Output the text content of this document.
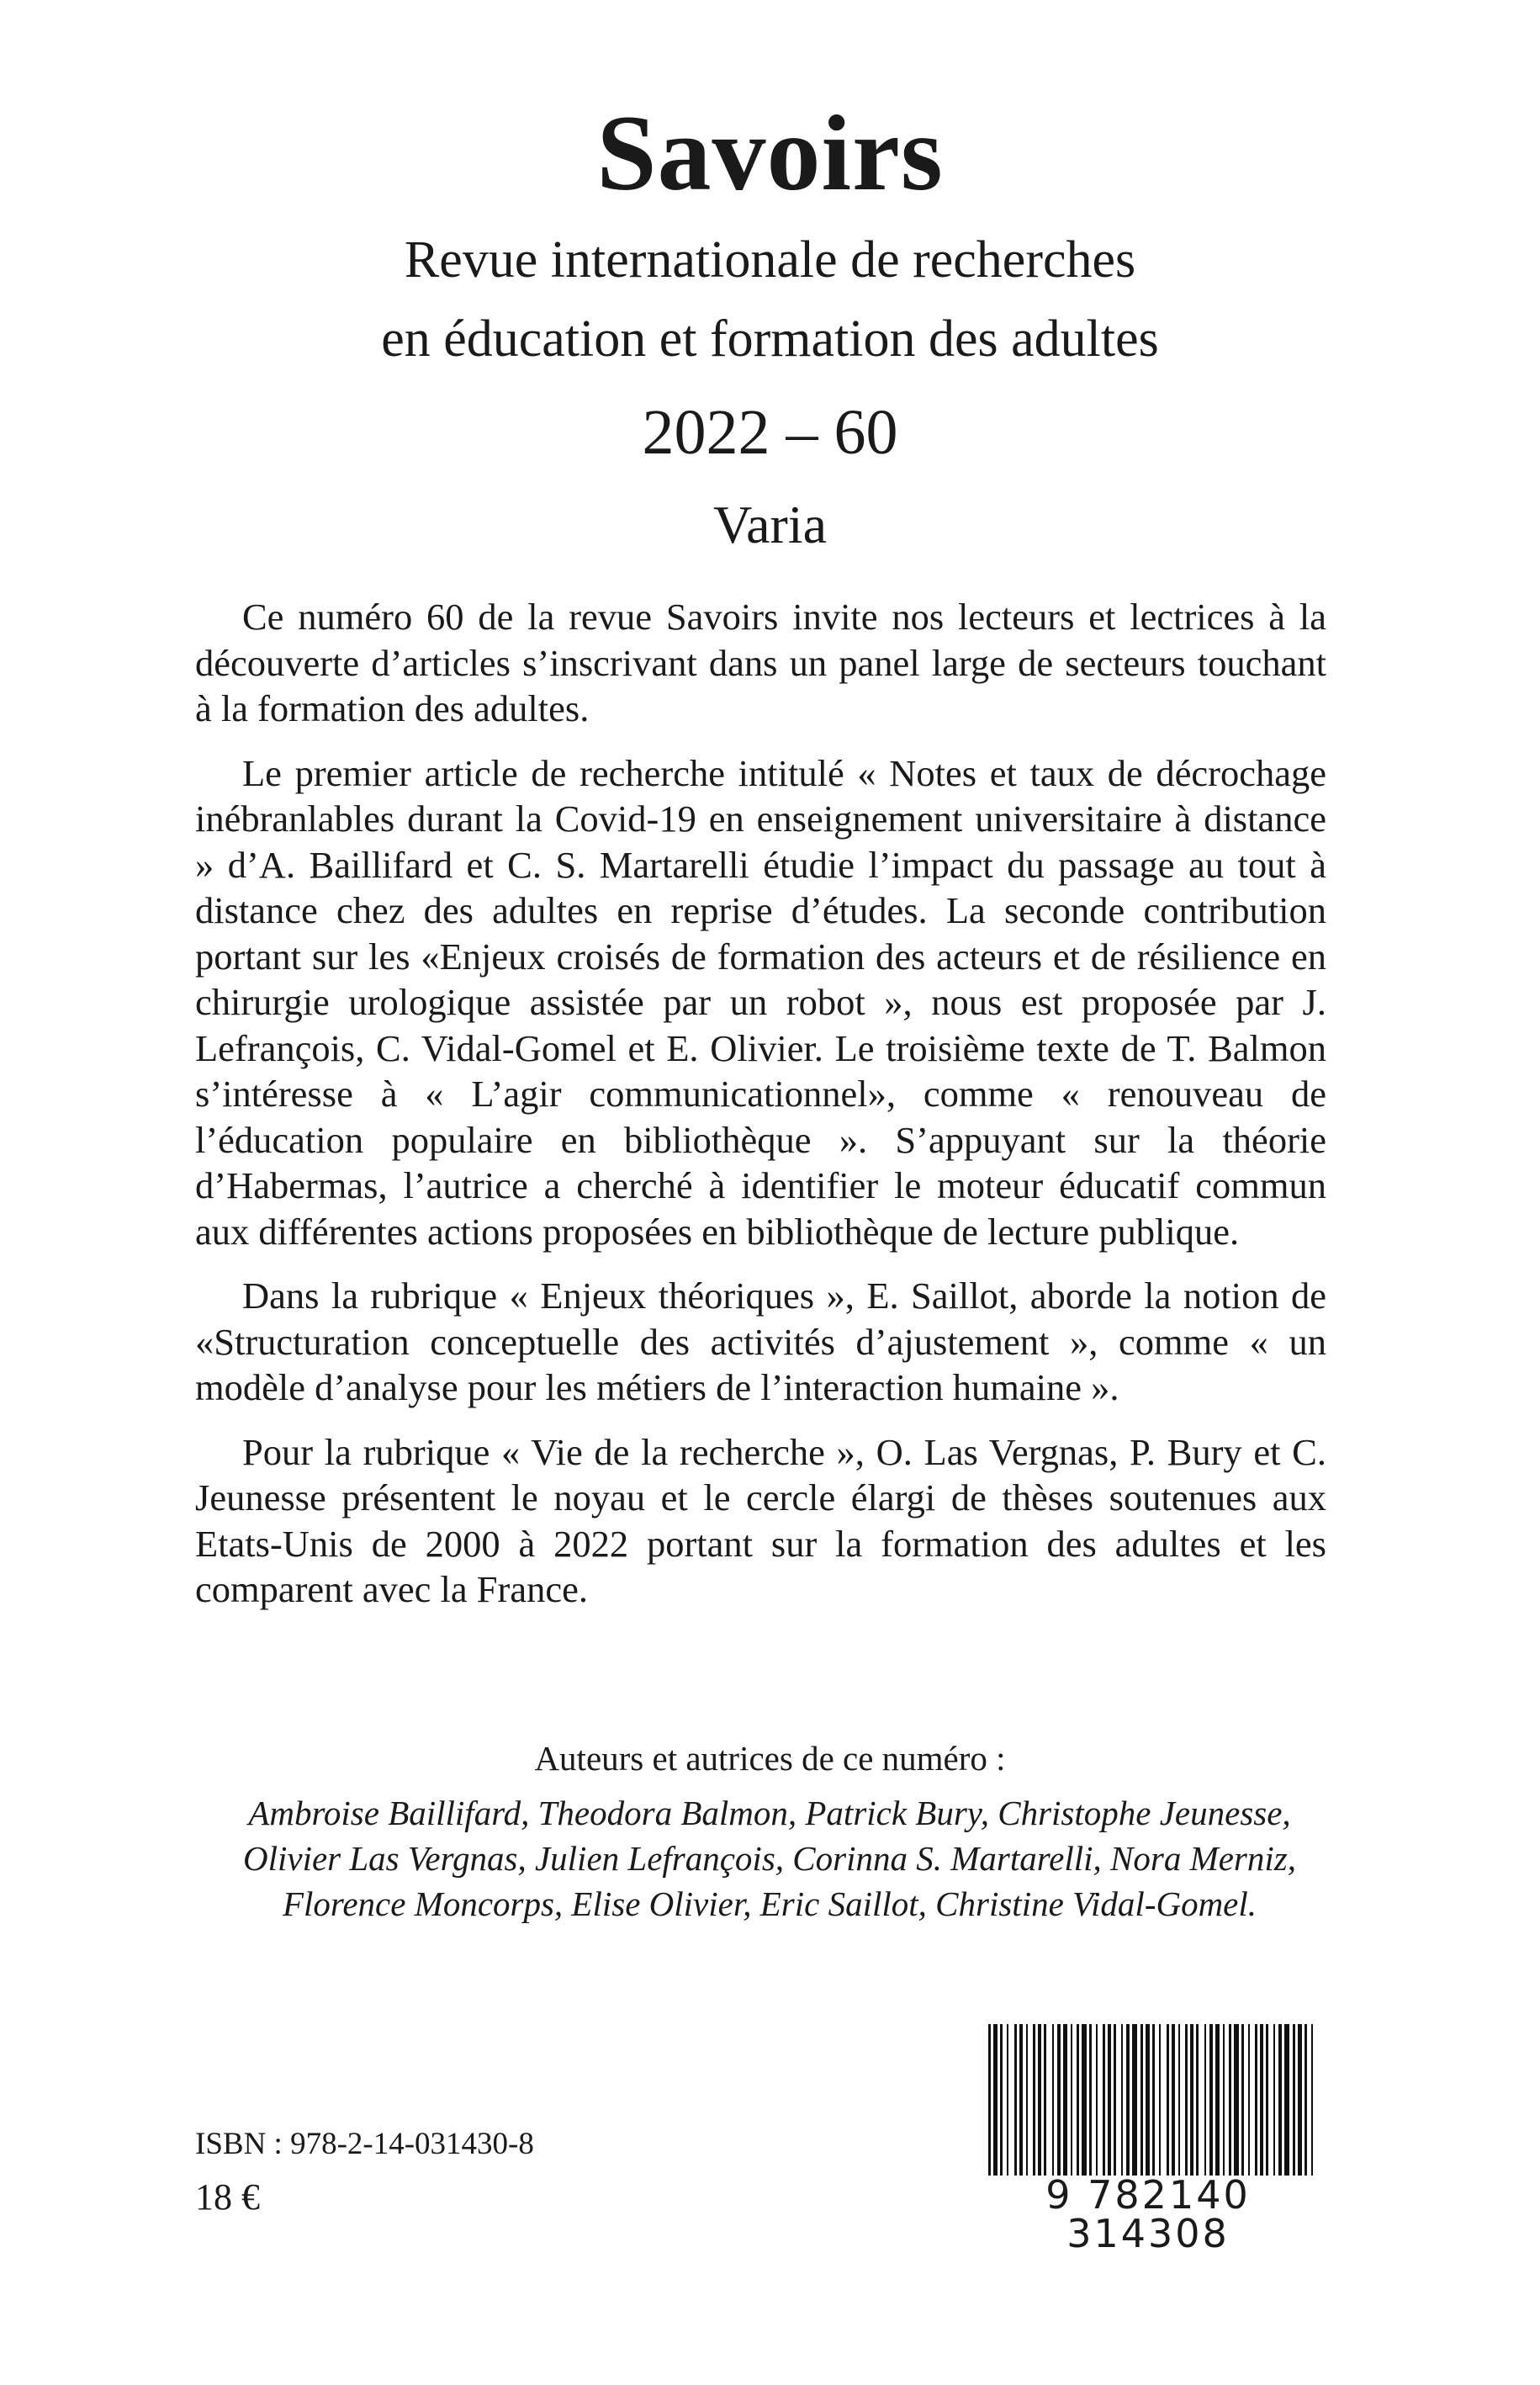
Savoirs
Revue internationale de recherches
en éducation et formation des adultes
2022 – 60
Varia

Ce numéro 60 de la revue Savoirs invite nos lecteurs et lectrices à la découverte d’articles s’inscrivant dans un panel large de secteurs touchant à la formation des adultes.

Le premier article de recherche intitulé « Notes et taux de décrochage inébranlables durant la Covid-19 en enseignement universitaire à distance » d’A. Baillifard et C. S. Martarelli étudie l’impact du passage au tout à distance chez des adultes en reprise d’études. La seconde contribution portant sur les «Enjeux croisés de formation des acteurs et de résilience en chirurgie urologique assistée par un robot », nous est proposée par J. Lefrançois, C. Vidal-Gomel et E. Olivier. Le troisième texte de T. Balmon s’intéresse à « L’agir communicationnel», comme « renouveau de l’éducation populaire en bibliothèque ». S’appuyant sur la théorie d’Habermas, l’autrice a cherché à identifier le moteur éducatif commun aux différentes actions proposées en bibliothèque de lecture publique.

Dans la rubrique « Enjeux théoriques », E. Saillot, aborde la notion de «Structuration conceptuelle des activités d’ajustement », comme « un modèle d’analyse pour les métiers de l’interaction humaine ».

Pour la rubrique « Vie de la recherche », O. Las Vergnas, P. Bury et C. Jeunesse présentent le noyau et le cercle élargi de thèses soutenues aux Etats-Unis de 2000 à 2022 portant sur la formation des adultes et les comparent avec la France.

Auteurs et autrices de ce numéro :
Ambroise Baillifard, Theodora Balmon, Patrick Bury, Christophe Jeunesse,
Olivier Las Vergnas, Julien Lefrançois, Corinna S. Martarelli, Nora Merniz,
Florence Moncorps, Elise Olivier, Eric Saillot, Christine Vidal-Gomel.
ISBN : 978-2-14-031430-8
18 €	9 782140 314308
